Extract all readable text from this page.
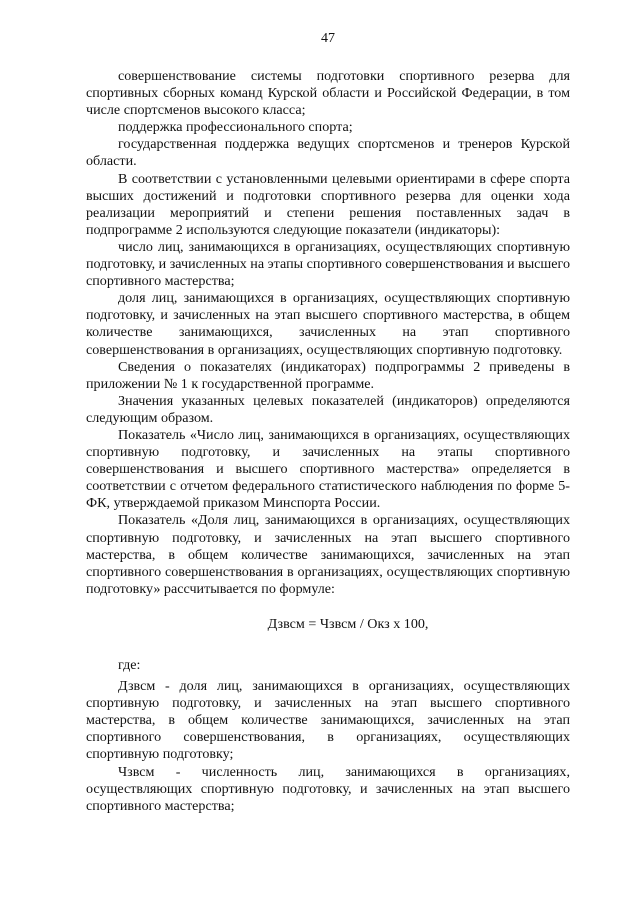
47

совершенствование системы подготовки спортивного резерва для спортивных сборных команд Курской области и Российской Федерации, в том числе спортсменов высокого класса;

поддержка профессионального спорта;

государственная поддержка ведущих спортсменов и тренеров Курской области.

В соответствии с установленными целевыми ориентирами в сфере спорта высших достижений и подготовки спортивного резерва для оценки хода реализации мероприятий и степени решения поставленных задач в подпрограмме 2 используются следующие показатели (индикаторы):

число лиц, занимающихся в организациях, осуществляющих спортивную подготовку, и зачисленных на этапы спортивного совершенствования и высшего спортивного мастерства;

доля лиц, занимающихся в организациях, осуществляющих спортивную подготовку, и зачисленных на этап высшего спортивного мастерства, в общем количестве занимающихся, зачисленных на этап спортивного совершенствования в организациях, осуществляющих спортивную подготовку.

Сведения о показателях (индикаторах) подпрограммы 2 приведены в приложении № 1 к государственной программе.

Значения указанных целевых показателей (индикаторов) определяются следующим образом.

Показатель «Число лиц, занимающихся в организациях, осуществляющих спортивную подготовку, и зачисленных на этапы спортивного совершенствования и высшего спортивного мастерства» определяется в соответствии с отчетом федерального статистического наблюдения по форме 5-ФК, утверждаемой приказом Минспорта России.

Показатель «Доля лиц, занимающихся в организациях, осуществляющих спортивную подготовку, и зачисленных на этап высшего спортивного мастерства, в общем количестве занимающихся, зачисленных на этап спортивного совершенствования в организациях, осуществляющих спортивную подготовку» рассчитывается по формуле:

Дзвсм = Чзвсм / Окз х 100,

где:

Дзвсм - доля лиц, занимающихся в организациях, осуществляющих спортивную подготовку, и зачисленных на этап высшего спортивного мастерства, в общем количестве занимающихся, зачисленных на этап спортивного совершенствования, в организациях, осуществляющих спортивную подготовку;

Чзвсм - численность лиц, занимающихся в организациях, осуществляющих спортивную подготовку, и зачисленных на этап высшего спортивного мастерства;
